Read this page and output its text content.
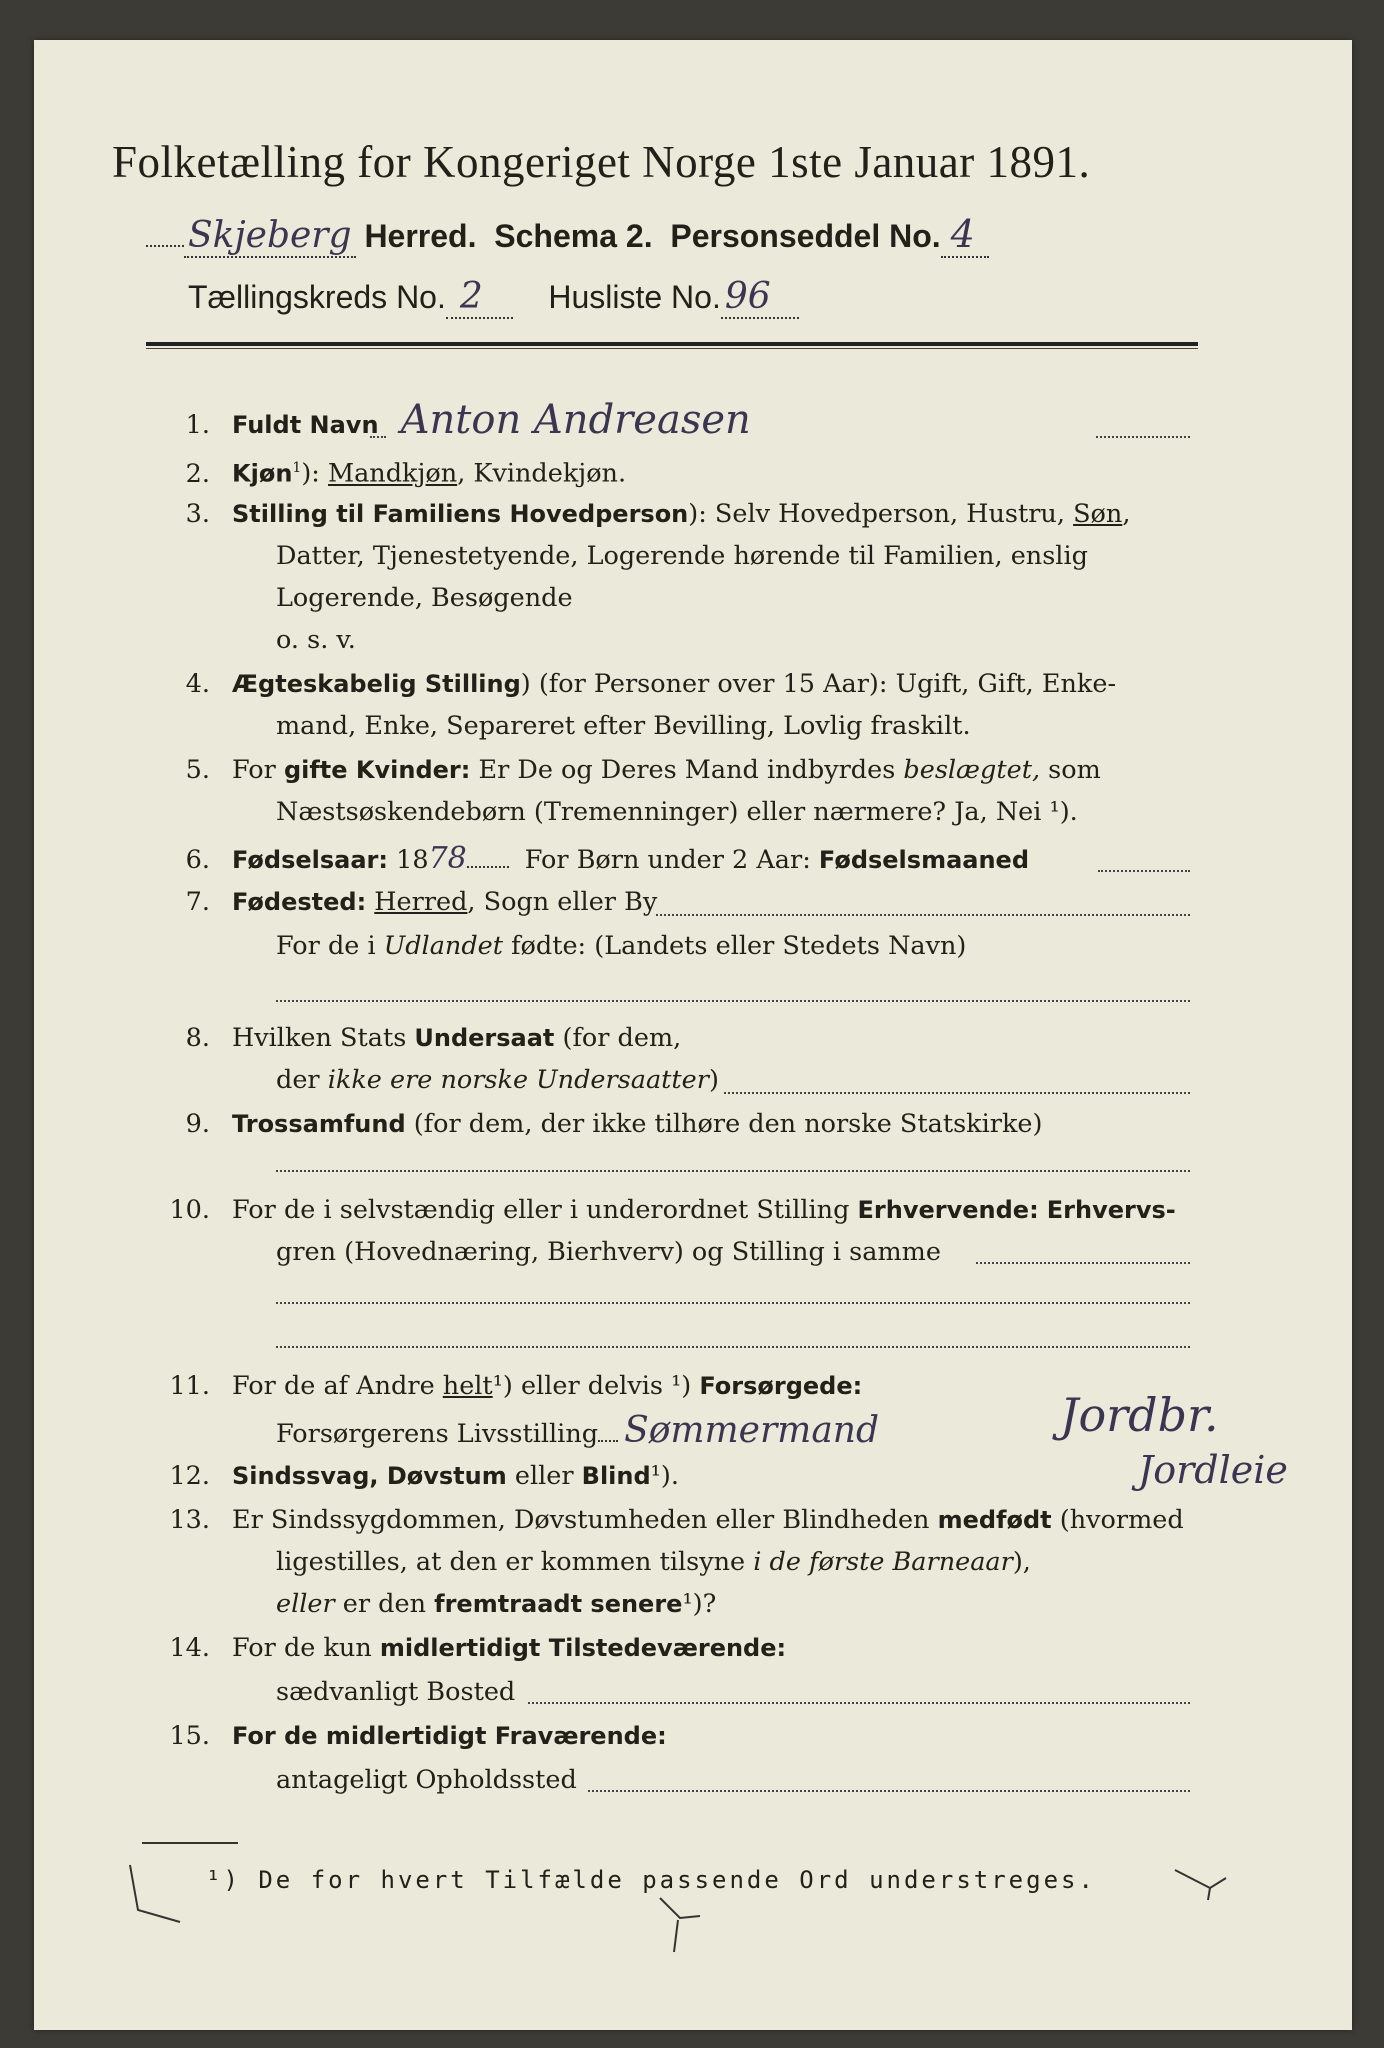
Folketælling for Kongeriget Norge 1ste Januar 1891.
Skjeberg Herred. Schema 2. Personseddel No. 4
Tællingskreds No. 2 Husliste No. 96
1. Fuldt Navn Anton Andreasen
2. Kjøn$^1$): Mandkjøn, Kvindekjøn.
3. Stilling til Familiens Hovedperson): Selv Hovedperson, Hustru, Søn,
Datter, Tjenestetyende, Logerende hørende til Familien, enslig
Logerende, Besøgende
o. s. v.
4. Ægteskabelig Stilling) (for Personer over 15 Aar): Ugift, Gift, Enke-
mand, Enke, Separeret efter Bevilling, Lovlig fraskilt.
5. For gifte Kvinder: Er De og Deres Mand indbyrdes beslægtet, som
Næstsøskendebørn (Tremenninger) eller nærmere? Ja, Nei ¹).
6. Fødselsaar: 1878 For Børn under 2 Aar: Fødselsmaaned
7. Fødested: Herred, Sogn eller By
For de i Udlandet fødte: (Landets eller Stedets Navn)
8. Hvilken Stats Undersaat (for dem,
der ikke ere norske Undersaatter)
9. Trossamfund (for dem, der ikke tilhøre den norske Statskirke)
10. For de i selvstændig eller i underordnet Stilling Erhvervende: Erhvervs-
gren (Hovednæring, Bierhverv) og Stilling i samme
11. For de af Andre helt¹) eller delvis ¹) Forsørgede:
Forsørgerens Livsstilling Sømmermand	Jordbr.
Jordleie
12. Sindssvag, Døvstum eller Blind¹).
13. Er Sindssygdommen, Døvstumheden eller Blindheden medfødt (hvormed
ligestilles, at den er kommen tilsyne i de første Barneaar),
eller er den fremtraadt senere¹)?
14. For de kun midlertidigt Tilstedeværende:
sædvanligt Bosted
15. For de midlertidigt Fraværende:
antageligt Opholdssted
¹) De for hvert Tilfælde passende Ord understreges.
